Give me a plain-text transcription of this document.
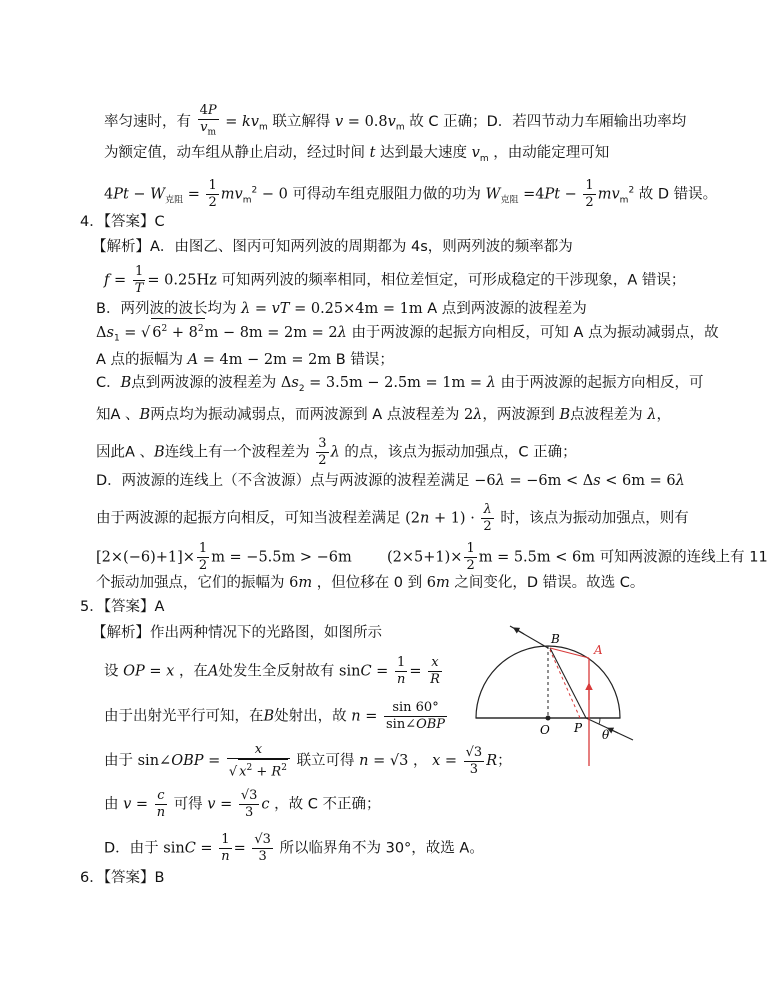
率匀速时，有 $\frac{4P}{v_m} = kv_m$ 联立解得 $v = 0.8v_m$ 故 C 正确；D．若四节动力车厢输出功率均
为额定值，动车组从静止启动，经过时间 t 达到最大速度 $v_m$ ，由动能定理可知
$4Pt - W_{克阻} = \frac{1}{2} mv_m^2 - 0$ 可得动车组克服阻力做的功为 $W_{克阻} =4Pt - \frac{1}{2} mv_m^2$ 故 D 错误。
4．【答案】C
【解析】A．由图乙、图丙可知两列波的周期都为 4s，则两列波的频率都为
$f = \frac{1}{T} = 0.25Hz$ 可知两列波的频率相同，相位差恒定，可形成稳定的干涉现象，A 错误；
B．两列波的波长均为 λ = vT = 0.25×4m = 1m A 点到两波源的波程差为
$\Delta s_1$ = √ $6^2 + 8^2m - 8m = 2m = 2\lambda$ 由于两波源的起振方向相反，可知 A 点为振动减弱点，故
A 点的振幅为 A = 4m − 2m = 2m B 错误；
C．B点到两波源的波程差为 $\Delta s_2 = 3.5m - 2.5m = 1m = \lambda$ 由于两波源的起振方向相反，可
知A 、B两点均为振动减弱点，而两波源到 A 点波程差为 2λ，两波源到 B点波程差为 λ，
因此A 、B连线上有一个波程差为 $\frac{3}{2}$ λ 的点，该点为振动加强点，C 正确；
D．两波源的连线上（不含波源）点与两波源的波程差满足 −6λ = −6m < Δs < 6m = 6λ
由于两波源的起振方向相反，可知当波程差满足 $(2n + 1) \cdot \frac{\lambda}{2}$ 时，该点为振动加强点，则有
$[2\times(-6)+1]\times \frac{1}{2}$ m = −5.5m > −6m $(2\times 5+1)\times \frac{1}{2}$ m = 5.5m < 6m 可知两波源的连线上有 11
个振动加强点，它们的振幅为 6m ，但位移在 0 到 6m 之间变化，D 错误。故选 C。
5．【答案】A
【解析】作出两种情况下的光路图，如图所示
设 OP = x ，在A处发生全反射故有 $\sin C = \frac{1}{n} = \frac{x}{R}$
由于出射光平行可知，在B处射出，故 $n = \frac{\sin 60^\circ}{\text{sin∠OBP}}$
由于 sin∠OBP = $\frac{x}{√ x^2 + R^2}$ 联立可得 n = √3 ， $x = \frac{√3}{3}$ R；
由 $v = \frac{c}{n}$ 可得 $v = \frac{√3}{3}$ c ，故 C 不正确；
D．由于 $\sin C = \frac{1}{n} = \frac{√3}{3}$ 所以临界角不为 30°，故选 A。
B
A
O P θ
6．【答案】B
